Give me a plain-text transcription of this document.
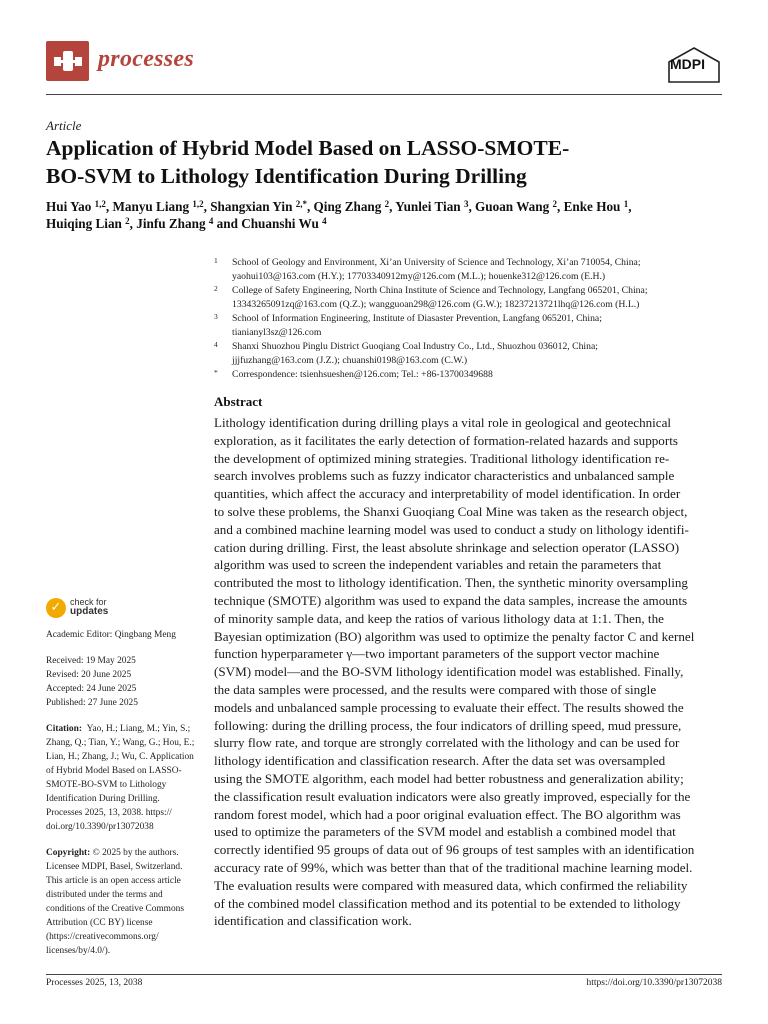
processes	MDPI
Article
Application of Hybrid Model Based on LASSO-SMOTE-
BO-SVM to Lithology Identification During Drilling
Hui Yao $^{1,2}$, Manyu Liang $^{1,2}$, Shangxian Yin $^{2,*}$, Qing Zhang $^2$, Yunlei Tian $^3$, Guoan Wang $^2$, Enke Hou $^1$,
Huiqing Lian $^2$, Jinfu Zhang $^4$ and Chuanshi Wu $^4$
1 School of Geology and Environment, Xi’an University of Science and Technology, Xi’an 710054, China;
yaohui103@163.com (H.Y.); 17703340912my@126.com (M.L.); houenke312@126.com (E.H.)
2 College of Safety Engineering, North China Institute of Science and Technology, Langfang 065201, China;
13343265091zq@163.com (Q.Z.); wangguoan298@126.com (G.W.); 18237213721lhq@126.com (H.L.)
3 School of Information Engineering, Institute of Diasaster Prevention, Langfang 065201, China;
tianianyl3sz@126.com
4 Shanxi Shuozhou Pinglu District Guoqiang Coal Industry Co., Ltd., Shuozhou 036012, China;
jjjfuzhang@163.com (J.Z.); chuanshi0198@163.com (C.W.)
* Correspondence: tsienhsueshen@126.com; Tel.: +86-13700349688
Abstract
Lithology identification during drilling plays a vital role in geological and geotechnical
exploration, as it facilitates the early detection of formation-related hazards and supports
the development of optimized mining strategies. Traditional lithology identification re-
search involves problems such as fuzzy indicator characteristics and unbalanced sample
quantities, which affect the accuracy and interpretability of model identification. In order
to solve these problems, the Shanxi Guoqiang Coal Mine was taken as the research object,
and a combined machine learning model was used to conduct a study on lithology identifi-
cation during drilling. First, the least absolute shrinkage and selection operator (LASSO)
algorithm was used to screen the independent variables and retain the parameters that
contributed the most to lithology identification. Then, the synthetic minority oversampling
technique (SMOTE) algorithm was used to expand the data samples, increase the amounts
of minority sample data, and keep the ratios of various lithology data at 1:1. Then, the
Bayesian optimization (BO) algorithm was used to optimize the penalty factor C and kernel
function hyperparameter γ—two important parameters of the support vector machine
(SVM) model—and the BO-SVM lithology identification model was established. Finally,
the data samples were processed, and the results were compared with those of single
models and unbalanced sample processing to evaluate their effect. The results showed the
following: during the drilling process, the four indicators of drilling speed, mud pressure,
slurry flow rate, and torque are strongly correlated with the lithology and can be used for
lithology identification and classification research. After the data set was oversampled
using the SMOTE algorithm, each model had better robustness and generalization ability;
the classification result evaluation indicators were also greatly improved, especially for the
random forest model, which had a poor original evaluation effect. The BO algorithm was
used to optimize the parameters of the SVM model and establish a combined model that
correctly identified 95 groups of data out of 96 groups of test samples with an identification
accuracy rate of 99%, which was better than that of the traditional machine learning model.
The evaluation results were compared with measured data, which confirmed the reliability
of the combined model classification method and its potential to be extended to lithology
identification and classification work.
✓ check for
updates
Academic Editor: Qingbang Meng
Received: 19 May 2025
Revised: 20 June 2025
Accepted: 24 June 2025
Published: 27 June 2025
Citation: Yao, H.; Liang, M.; Yin, S.;
Zhang, Q.; Tian, Y.; Wang, G.; Hou, E.;
Lian, H.; Zhang, J.; Wu, C. Application
of Hybrid Model Based on LASSO-
SMOTE-BO-SVM to Lithology
Identification During Drilling.
Processes 2025, 13, 2038. https://
doi.org/10.3390/pr13072038
Copyright: © 2025 by the authors.
Licensee MDPI, Basel, Switzerland.
This article is an open access article
distributed under the terms and
conditions of the Creative Commons
Attribution (CC BY) license
(https://creativecommons.org/
licenses/by/4.0/).
Processes 2025, 13, 2038	https://doi.org/10.3390/pr13072038
